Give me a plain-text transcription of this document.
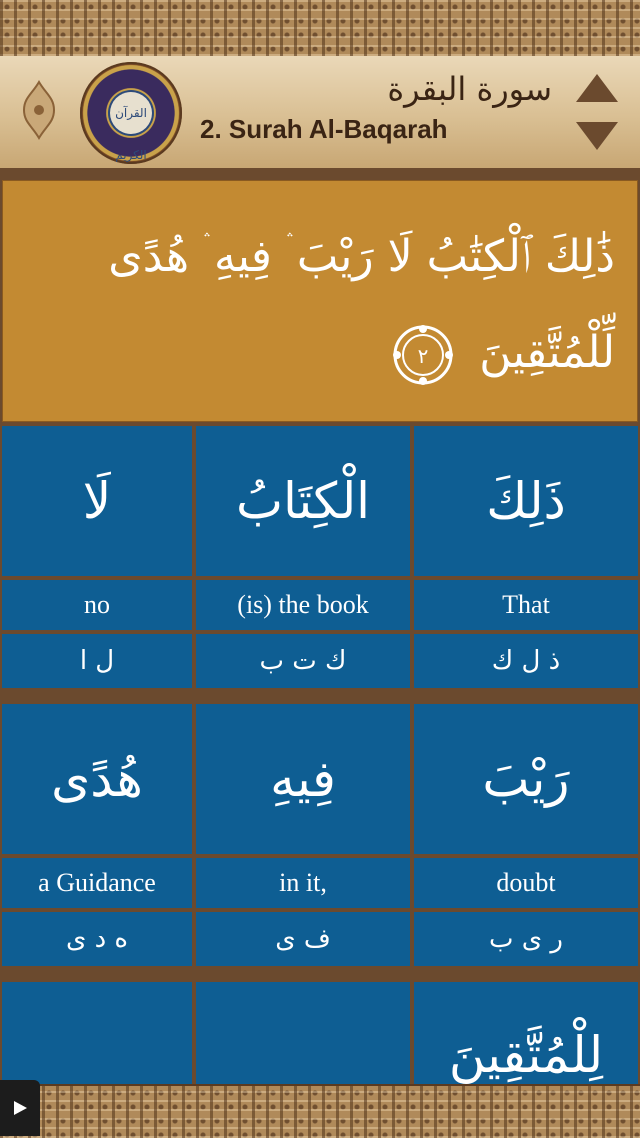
القرآن الكريم
سورة البقرة
2. Surah Al-Baqarah
ذَٰلِكَ ٱلْكِتَٰبُ لَا رَيْبَ ۛ فِيهِ ۛ هُدًى لِّلْمُتَّقِينَ
٢
ذَلِكَ
الْكِتَابُ
لَا
That
(is) the book
no
ذ ل ك
ك ت ب
ل ا
رَيْبَ
فِيهِ
هُدًى
doubt
in it,
a Guidance
ر ى ب
ف ى
ه د ى
لِلْمُتَّقِينَ
